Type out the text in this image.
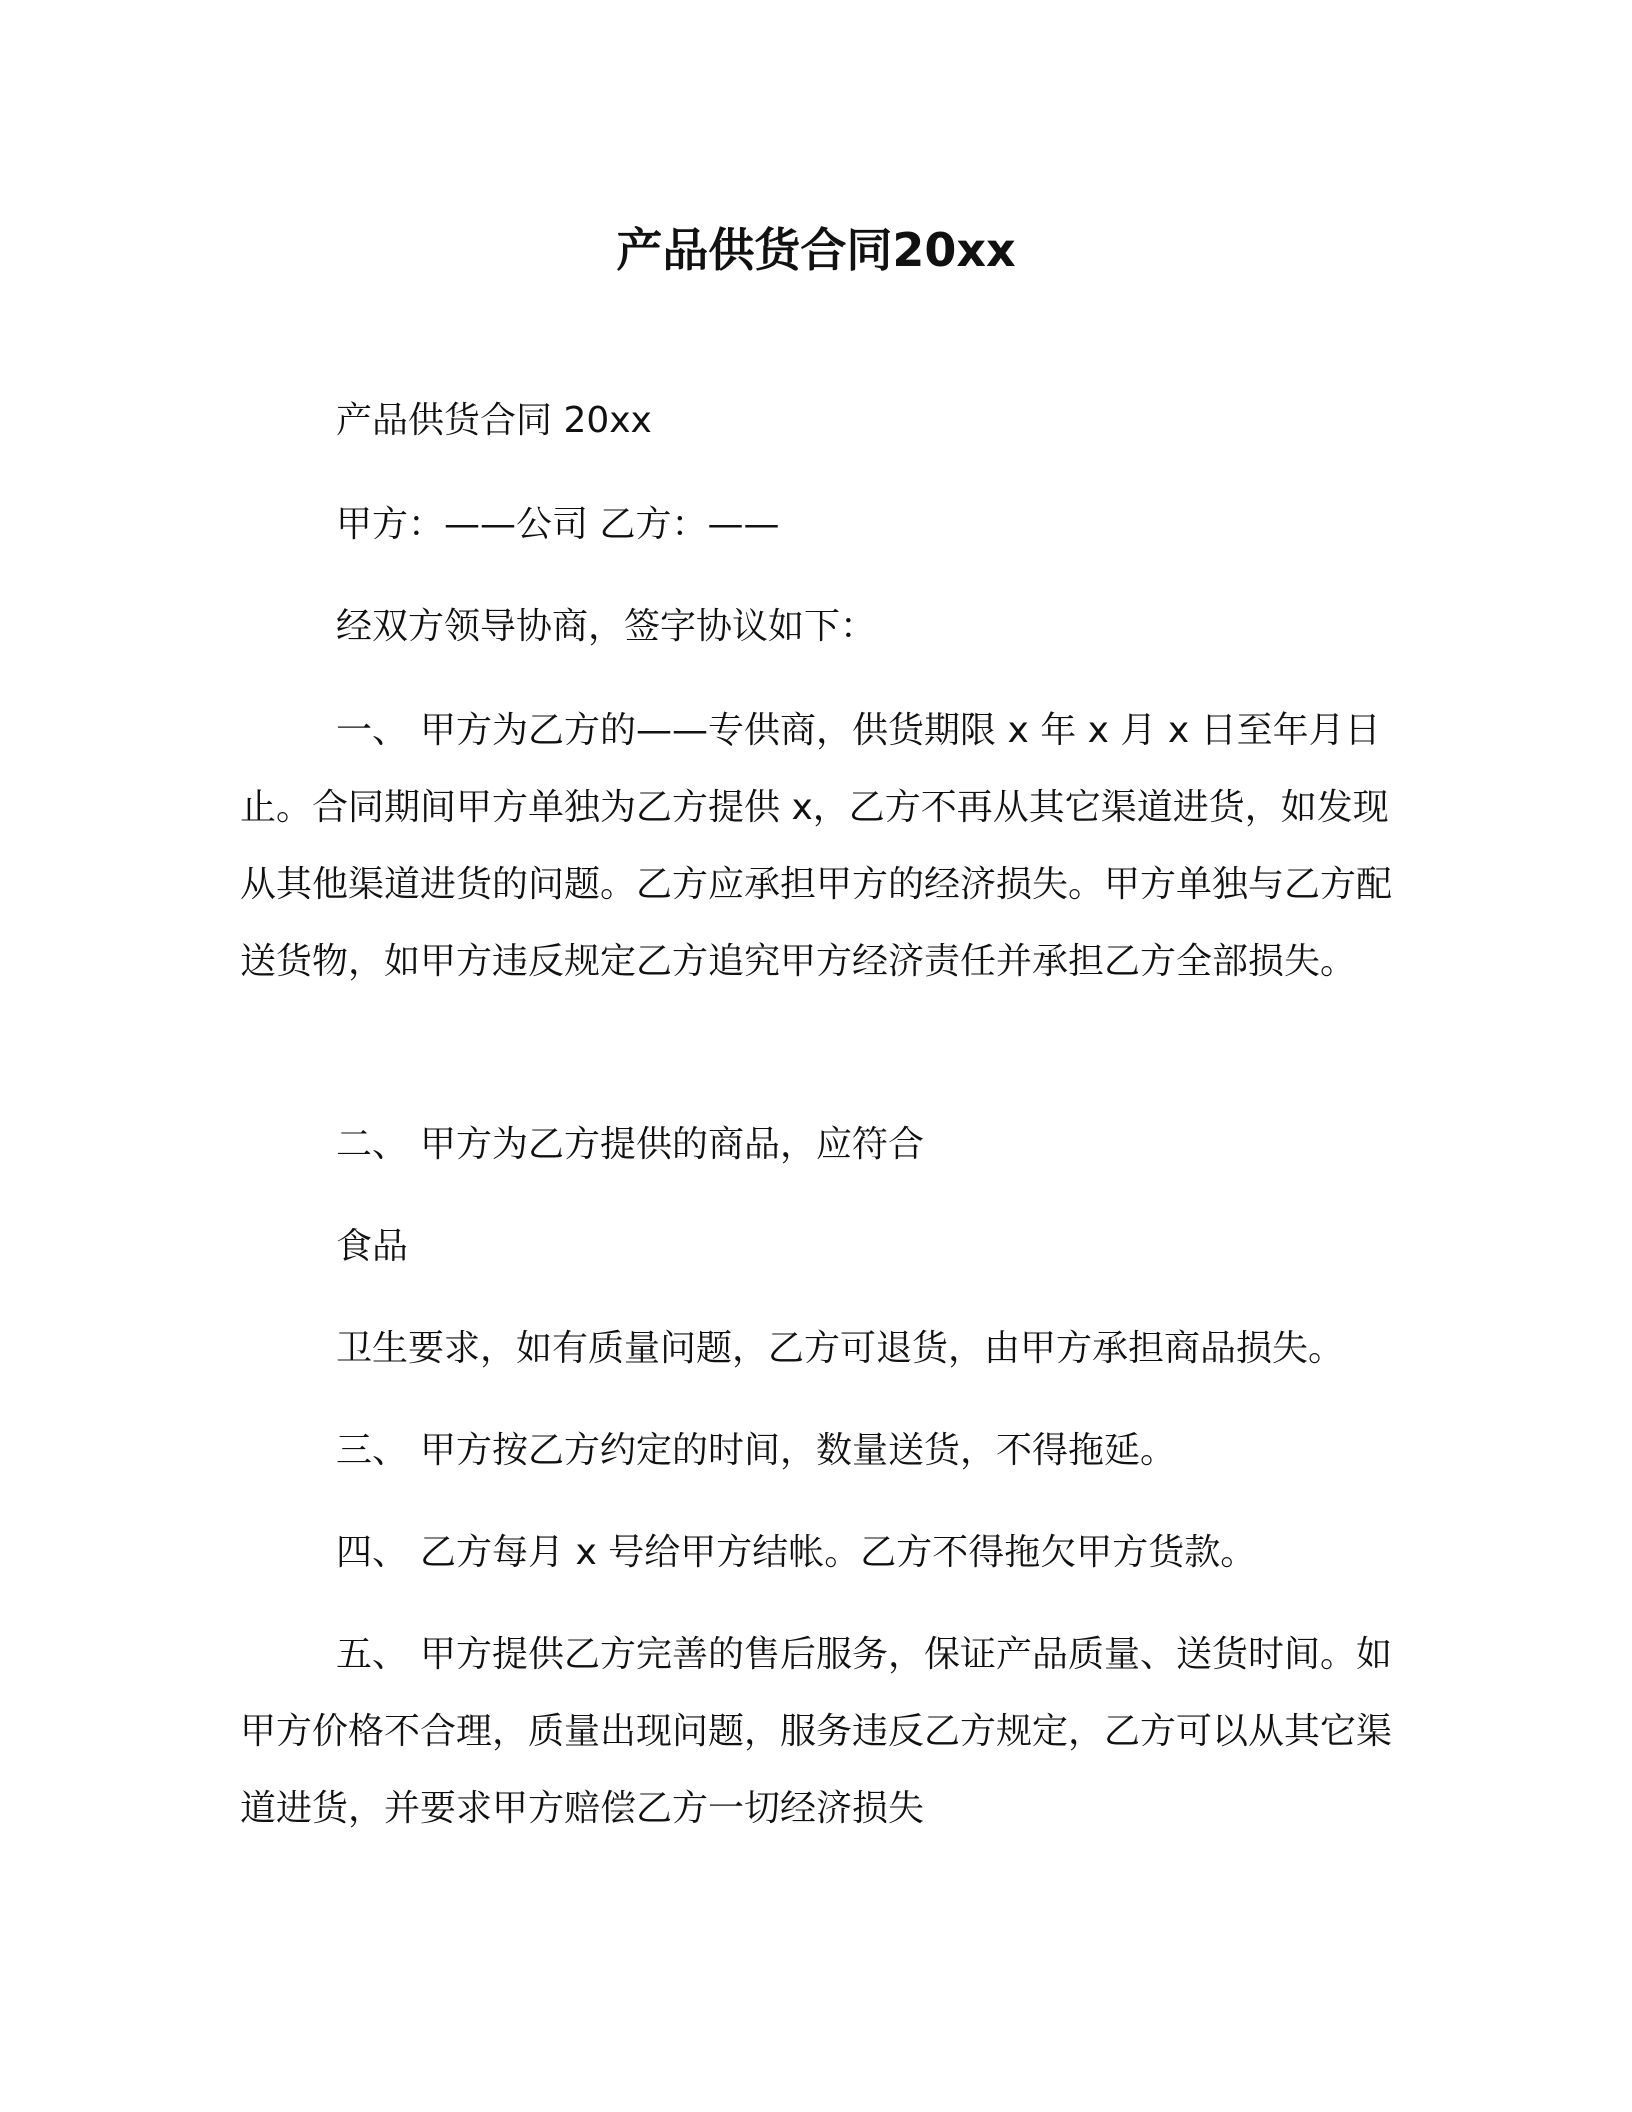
产品供货合同20xx

产品供货合同 20xx

甲方：——公司 乙方：——

经双方领导协商，签字协议如下：

一、 甲方为乙方的——专供商，供货期限 x 年 x 月 x 日至年月日止。合同期间甲方单独为乙方提供 x，乙方不再从其它渠道进货，如发现从其他渠道进货的问题。乙方应承担甲方的经济损失。甲方单独与乙方配送货物，如甲方违反规定乙方追究甲方经济责任并承担乙方全部损失。

二、 甲方为乙方提供的商品，应符合

食品

卫生要求，如有质量问题，乙方可退货，由甲方承担商品损失。

三、 甲方按乙方约定的时间，数量送货，不得拖延。

四、 乙方每月 x 号给甲方结帐。乙方不得拖欠甲方货款。

五、 甲方提供乙方完善的售后服务，保证产品质量、送货时间。如甲方价格不合理，质量出现问题，服务违反乙方规定，乙方可以从其它渠道进货，并要求甲方赔偿乙方一切经济损失
